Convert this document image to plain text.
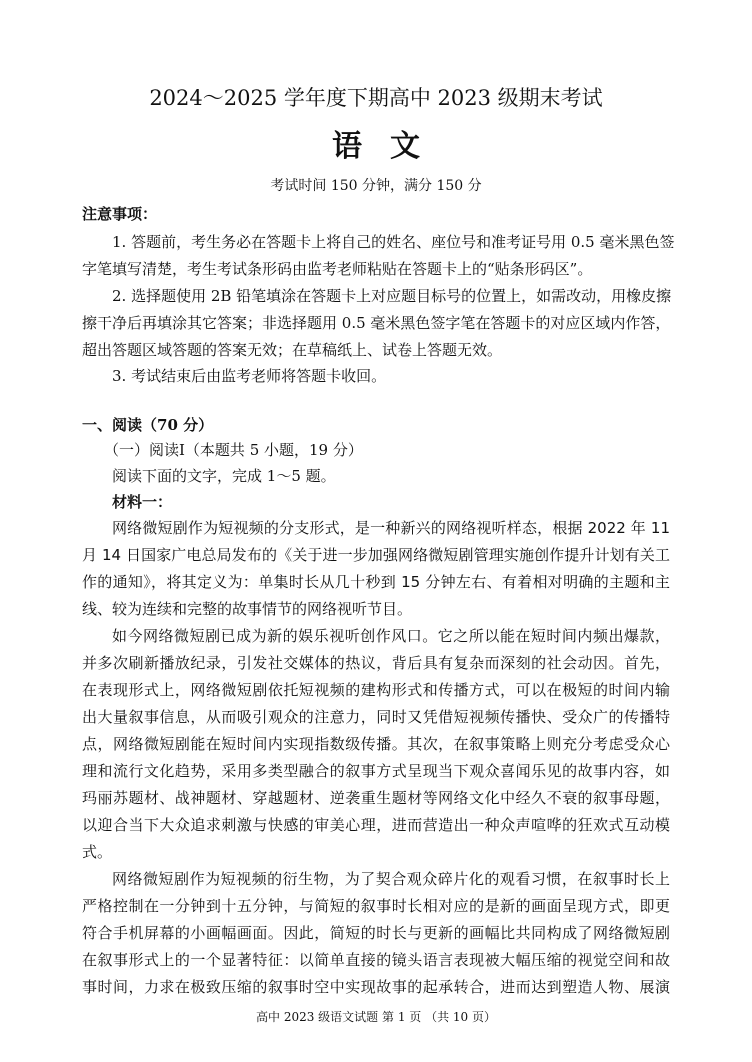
2024～2025 学年度下期高中 2023 级期末考试
语文
考试时间 150 分钟，满分 150 分
注意事项：
1. 答题前，考生务必在答题卡上将自己的姓名、座位号和准考证号用 0.5 毫米黑色签
字笔填写清楚，考生考试条形码由监考老师粘贴在答题卡上的“贴条形码区”。
2. 选择题使用 2B 铅笔填涂在答题卡上对应题目标号的位置上，如需改动，用橡皮擦
擦干净后再填涂其它答案；非选择题用 0.5 毫米黑色签字笔在答题卡的对应区域内作答，
超出答题区域答题的答案无效；在草稿纸上、试卷上答题无效。
3. 考试结束后由监考老师将答题卡收回。
一、阅读（70 分）
（一）阅读Ⅰ（本题共 5 小题，19 分）
阅读下面的文字，完成 1～5 题。
材料一：
网络微短剧作为短视频的分支形式，是一种新兴的网络视听样态，根据 2022 年 11
月 14 日国家广电总局发布的《关于进一步加强网络微短剧管理实施创作提升计划有关工
作的通知》，将其定义为：单集时长从几十秒到 15 分钟左右、有着相对明确的主题和主
线、较为连续和完整的故事情节的网络视听节目。
如今网络微短剧已成为新的娱乐视听创作风口。它之所以能在短时间内频出爆款，
并多次刷新播放纪录，引发社交媒体的热议，背后具有复杂而深刻的社会动因。首先，
在表现形式上，网络微短剧依托短视频的建构形式和传播方式，可以在极短的时间内输
出大量叙事信息，从而吸引观众的注意力，同时又凭借短视频传播快、受众广的传播特
点，网络微短剧能在短时间内实现指数级传播。其次，在叙事策略上则充分考虑受众心
理和流行文化趋势，采用多类型融合的叙事方式呈现当下观众喜闻乐见的故事内容，如
玛丽苏题材、战神题材、穿越题材、逆袭重生题材等网络文化中经久不衰的叙事母题，
以迎合当下大众追求刺激与快感的审美心理，进而营造出一种众声喧哗的狂欢式互动模
式。
网络微短剧作为短视频的衍生物，为了契合观众碎片化的观看习惯，在叙事时长上
严格控制在一分钟到十五分钟，与简短的叙事时长相对应的是新的画面呈现方式，即更
符合手机屏幕的小画幅画面。因此，简短的时长与更新的画幅比共同构成了网络微短剧
在叙事形式上的一个显著特征：以简单直接的镜头语言表现被大幅压缩的视觉空间和故
事时间，力求在极致压缩的叙事时空中实现故事的起承转合，进而达到塑造人物、展演
高中 2023 级语文试题 第 1 页 （共 10 页）
